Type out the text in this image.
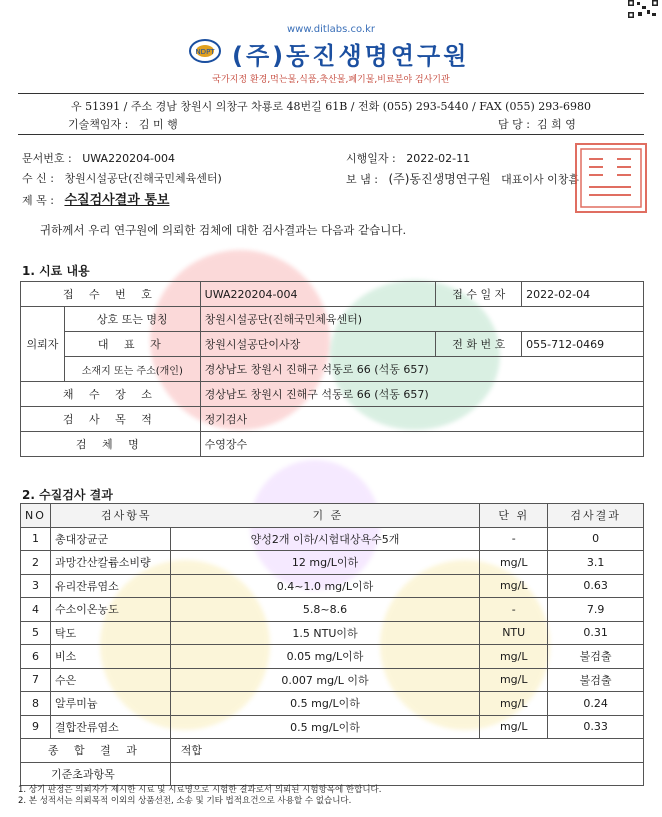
www.ditlabs.co.kr
NDPT (주)동진생명연구원
국가지정 환경,먹는물,식품,축산물,폐기물,비료분야 검사기관
우 51391 / 주소 경남 창원시 의창구 차룡로 48번길 61B / 전화 (055) 293-5440 / FAX (055) 293-6980
기술책임자 : 김 미 행	담 당 : 김 희 영
문서번호 : UWA220204-004	시행일자 : 2022-02-11
수 신 : 창원시설공단(진해국민체육센터)	보 냄 : (주)동진생명연구원 대표이사 이창흠
제 목 : 수질검사결과 통보
귀하께서 우리 연구원에 의뢰한 검체에 대한 검사결과는 다음과 같습니다.
1. 시료 내용
접 수 번 호		UWA220204-004	접 수 일 자	2022-02-04
의뢰자	상호 또는 명칭	창원시설공단(진해국민체육센터)		
	대 표 자	창원시설공단이사장	전 화 번 호	055-712-0469
	소재지 또는 주소(개인)	경상남도 창원시 진해구 석동로 66 (석동 657)		
채 수 장 소		경상남도 창원시 진해구 석동로 66 (석동 657)		
검 사 목 적		정기검사		
검 체 명		수영장수		
2. 수질검사 결과
NO	검사항목 기 준		단 위	검사결과
1	총대장균군	양성2개 이하/시험대상욕수5개	-	0
2	과망간산칼륨소비량	12 mg/L이하	mg/L	3.1
3	유리잔류염소	0.4~1.0 mg/L이하	mg/L	0.63
4	수소이온농도	5.8~8.6	-	7.9
5	탁도	1.5 NTU이하	NTU	0.31
6	비소	0.05 mg/L이하	mg/L	불검출
7	수은	0.007 mg/L 이하	mg/L	불검출
8	알루미늄	0.5 mg/L이하	mg/L	0.24
9	결합잔류염소	0.5 mg/L이하	mg/L	0.33
종 합 결 과		적합		
기준초과항목				
1. 상기 판정은 의뢰자가 제시한 시료 및 시료명으로 시험한 결과로서 의뢰된 시험항목에 한합니다.
2. 본 성적서는 의뢰목적 이외의 상품선전, 소송 및 기타 법적요건으로 사용할 수 없습니다.
